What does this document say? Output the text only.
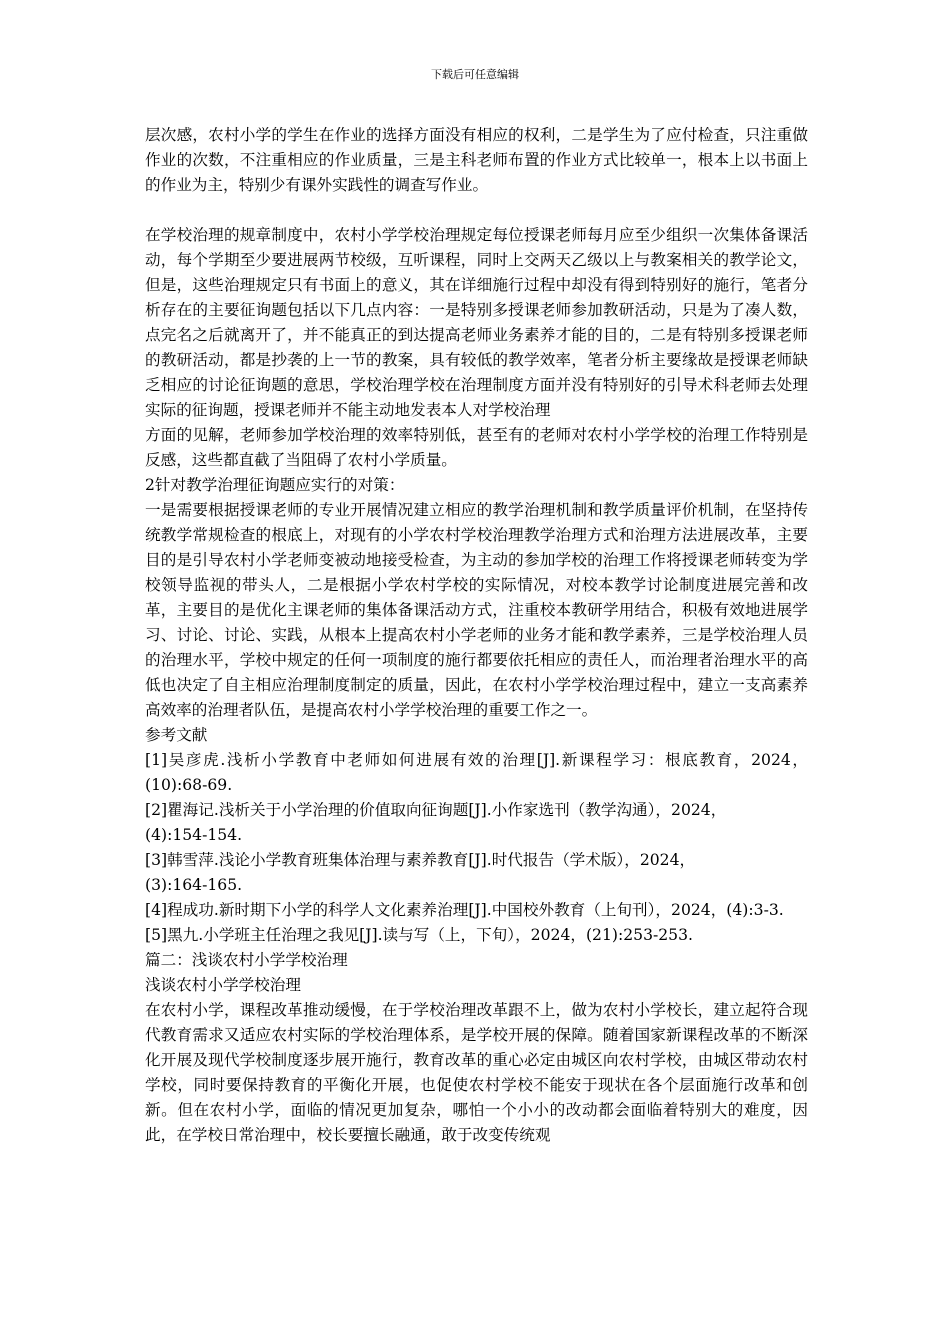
下载后可任意编辑

层次感，农村小学的学生在作业的选择方面没有相应的权利，二是学生为了应付检查，只注重做作业的次数，不注重相应的作业质量，三是主科老师布置的作业方式比较单一，根本上以书面上的作业为主，特别少有课外实践性的调查写作业。

在学校治理的规章制度中，农村小学学校治理规定每位授课老师每月应至少组织一次集体备课活动，每个学期至少要进展两节校级，互听课程，同时上交两天乙级以上与教案相关的教学论文，但是，这些治理规定只有书面上的意义，其在详细施行过程中却没有得到特别好的施行，笔者分析存在的主要征询题包括以下几点内容：一是特别多授课老师参加教研活动，只是为了凑人数，点完名之后就离开了，并不能真正的到达提高老师业务素养才能的目的，二是有特别多授课老师的教研活动，都是抄袭的上一节的教案，具有较低的教学效率，笔者分析主要缘故是授课老师缺乏相应的讨论征询题的意思，学校治理学校在治理制度方面并没有特别好的引导术科老师去处理实际的征询题，授课老师并不能主动地发表本人对学校治理

方面的见解，老师参加学校治理的效率特别低，甚至有的老师对农村小学学校的治理工作特别是反感，这些都直截了当阻碍了农村小学质量。

2针对教学治理征询题应实行的对策：

一是需要根据授课老师的专业开展情况建立相应的教学治理机制和教学质量评价机制，在坚持传统教学常规检查的根底上，对现有的小学农村学校治理教学治理方式和治理方法进展改革，主要目的是引导农村小学老师变被动地接受检查，为主动的参加学校的治理工作将授课老师转变为学校领导监视的带头人，二是根据小学农村学校的实际情况，对校本教学讨论制度进展完善和改革，主要目的是优化主课老师的集体备课活动方式，注重校本教研学用结合，积极有效地进展学习、讨论、讨论、实践，从根本上提高农村小学老师的业务才能和教学素养，三是学校治理人员的治理水平，学校中规定的任何一项制度的施行都要依托相应的责任人，而治理者治理水平的高低也决定了自主相应治理制度制定的质量，因此，在农村小学学校治理过程中，建立一支高素养高效率的治理者队伍，是提高农村小学学校治理的重要工作之一。

参考文献

[1]吴彦虎.浅析小学教育中老师如何进展有效的治理[J].新课程学习：根底教育，2024，(10):68-69.

[2]瞿海记.浅析关于小学治理的价值取向征询题[J].小作家选刊（教学沟通），2024，

(4):154-154.

[3]韩雪萍.浅论小学教育班集体治理与素养教育[J].时代报告（学术版），2024，

(3):164-165.

[4]程成功.新时期下小学的科学人文化素养治理[J].中国校外教育（上旬刊），2024，(4):3-3.

[5]黑九.小学班主任治理之我见[J].读与写（上，下旬），2024，(21):253-253.

篇二：浅谈农村小学学校治理

浅谈农村小学学校治理

在农村小学，课程改革推动缓慢，在于学校治理改革跟不上，做为农村小学校长，建立起符合现代教育需求又适应农村实际的学校治理体系，是学校开展的保障。随着国家新课程改革的不断深化开展及现代学校制度逐步展开施行，教育改革的重心必定由城区向农村学校，由城区带动农村学校，同时要保持教育的平衡化开展，也促使农村学校不能安于现状在各个层面施行改革和创新。但在农村小学，面临的情况更加复杂，哪怕一个小小的改动都会面临着特别大的难度，因此，在学校日常治理中，校长要擅长融通，敢于改变传统观
